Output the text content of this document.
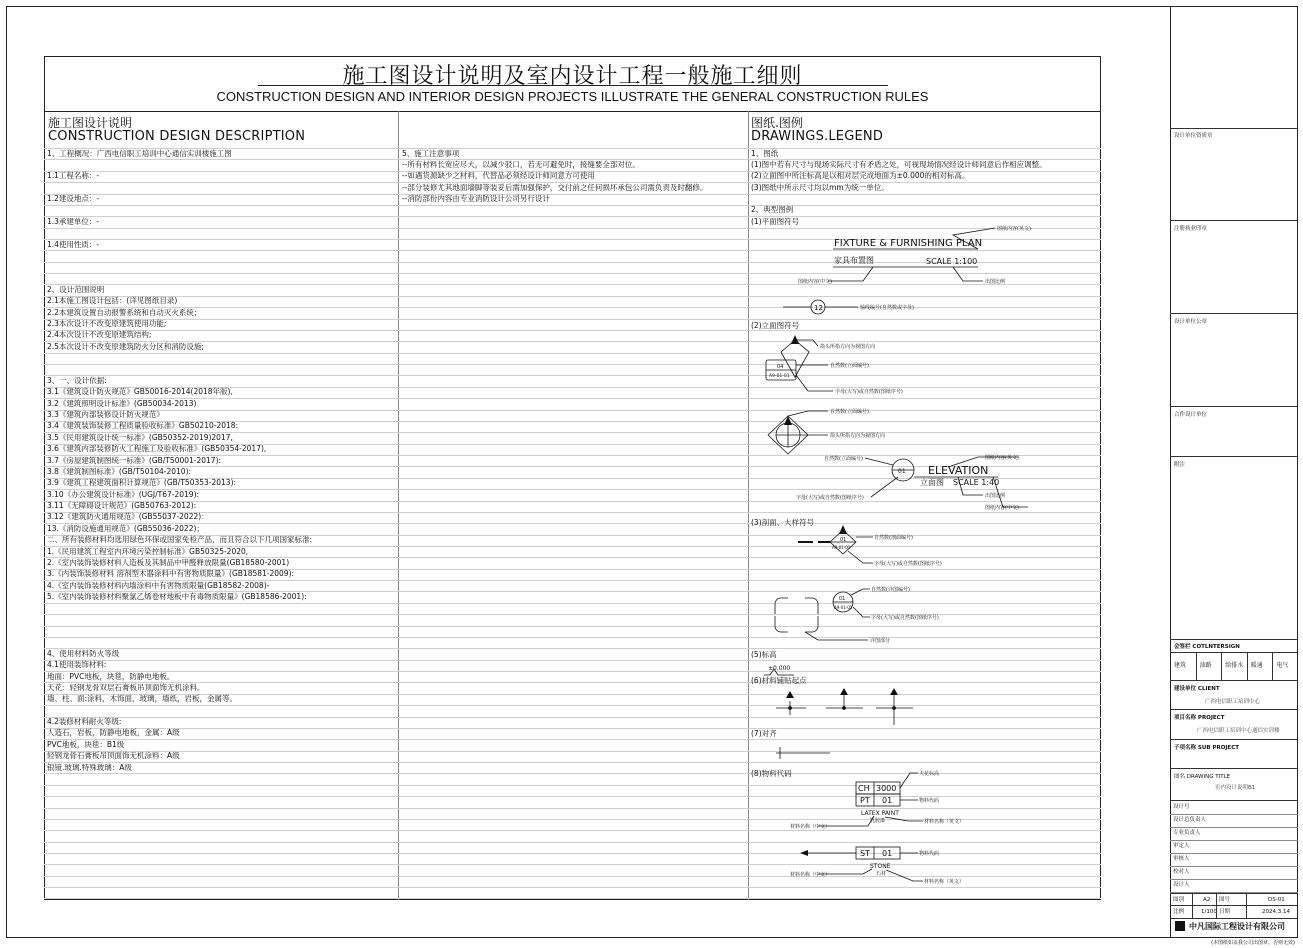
施工图设计说明及室内设计工程一般施工细则
CONSTRUCTION DESIGN AND INTERIOR DESIGN PROJECTS ILLUSTRATE THE GENERAL CONSTRUCTION RULES
施工图设计说明
CONSTRUCTION DESIGN DESCRIPTION
图纸.图例
DRAWINGS.LEGEND
1、工程概况：广西电信职工培训中心通信实训楼施工图
1.1工程名称：-
1.2建设地点：-
1.3承建单位：-
1.4使用性质：-
2、设计范围说明
2.1本施工图设计包括：(详见图纸目录)
2.2本建筑设置自动报警系统和自动灭火系统；
2.3本次设计不改变原建筑使用功能;
2.4本次设计不改变原建筑结构;
2.5本次设计不改变原建筑防火分区和消防设施;
3、一、设计依据:
3.1《建筑设计防火规范》GB50016-2014(2018年版),
3.2《建筑照明设计标准》(GB50034-2013)
3.3《建筑内部装修设计防火规范》
3.4《建筑装饰装修工程质量验收标准》GB50210-2018:
3.5《民用建筑设计统一标准》(GB50352-2019)2017,
3.6《建筑内部装修防火工程施工及验收标准》(GB50354-2017),
3.7《房屋建筑制图统一标准》(GB/T50001-2017):
3.8《建筑制图标准》(GB/T50104-2010):
3.9《建筑工程建筑面积计算规范》(GB/T50353-2013):
3.10《办公建筑设计标准》(UGJ/T67-2019):
3.11《无障碍设计规范》(GB50763-2012):
3.12《建筑防火通用规范》(GB55037-2022)：
13.《消防设施通用规范》(GB55036-2022)；
二、所有装修材料均选用绿色环保或国家免检产品，而且符合以下几项国家标准:
1.《民用建筑工程室内环境污染控制标准》GB50325-2020,
2.《室内装饰装修材料人造板及其制品中甲醛释放限量(GB18580-2001)
3.《内装饰装修材料 溶剂型木器涂料中有害物质限量》(GB18581-2009):
4.《室内装饰装修材料内墙涂料中有害物质限量(GB18582-2008)-
5.《室内装饰装修材料聚氯乙烯卷材地板中有毒物质限量》(GB18586-2001):
4、使用材料防火等级
4.1使用装饰材料:
地面：PVC地板，块毯，防静电地板。
天花：轻钢龙骨双层石膏板吊顶面饰无机涂料。
墙、柱、面:涂料，木饰面，玻璃，墙纸，岩板，金属等。
4.2装修材料耐火等级:
人造石，岩板，防静电地板，金属：A级
PVC地板，块毯：B1级
轻钢龙骨石膏板吊顶面饰无机涂料：A级
银镜.玻璃.特殊玻璃：A级
5、施工注意事项
--所有材料长宽应尽大，以减少驳口，若无可避免时，接缝要全部对位。
--如遇货源缺少之材料，代替品必须经设计师同意方可使用
--部分装修尤其地面墙脚等装妥后需加强保护，交付前之任何损坏承包公司需负责及时翻修。
--消防部份内容由专业消防设计公司另行设计
1、图纸
(1)图中若有尺寸与现场实际尺寸有矛盾之处，可视现场情况经设计师同意后作相应调整。
(2)立面图中所注标高是以相对层完成地面为±0.000的相对标高。
(3)图纸中所示尺寸均以mm为统一单位。
2、典型图例
(1)平面图符号
FIXTURE & FURNISHING PLAN
家具布置图	SCALE 1:100
图纸内容(英文)
图纸内容(中文)	出图比例
12	轴线编号(自然数或字母)
箭头所指方向为视图方向
04
A9-01-01
自然数(立面编号)
字母(大写)或自然数(图纸序号)
自然数(立面编号)
箭头所指方向为视图方向
自然数(立面编号)
01 ELEVATION
立面图 SCALE 1:40
图纸内容(英文)
字母(大写)或自然数(图纸序号)	出图比例
图纸内容(中文)
01
A9-01-01
自然数(剖面编号)
字母(大写)或自然数(图纸序号)
01
A9-01-01
自然数(详图编号)
字母(大写)或自然数(图纸序号)
详图部分
±0.000
CH 3000
天花标高
PT 01	物料代码
LATEX PAINT
乳胶漆
材料名称（中文）
材料名称（英文）
ST 01	物料代码
STONE
石材
材料名称（中文）
材料名称（英文）
(2)立面图符号
(3)剖面、大样符号
(5)标高
(6)材料铺贴起点
(7)对齐
(8)物料代码
设计单位资质章
注册执业印章
设计单位公章
合作设计单位
附注
会签栏 COTLNTERSIGN
建筑 油路 给排水 暖通 电气
建设单位 CLIENT
广西电信职工培训中心
项目名称 PROJECT
广西电信职工培训中心通信实训楼
子项名称 SUB PROJECT
图名 DRAWING TITLE
室内设计说明B1
设计号
设计总负责人
专业负责人
审定人
审核人
校对人
设计人
图别	A2 图号	DS-01
比例	1/100 日期	2024.3.14
中凡国际工程设计有限公司
(本图纸如盖我公司出图章，否则无效)
